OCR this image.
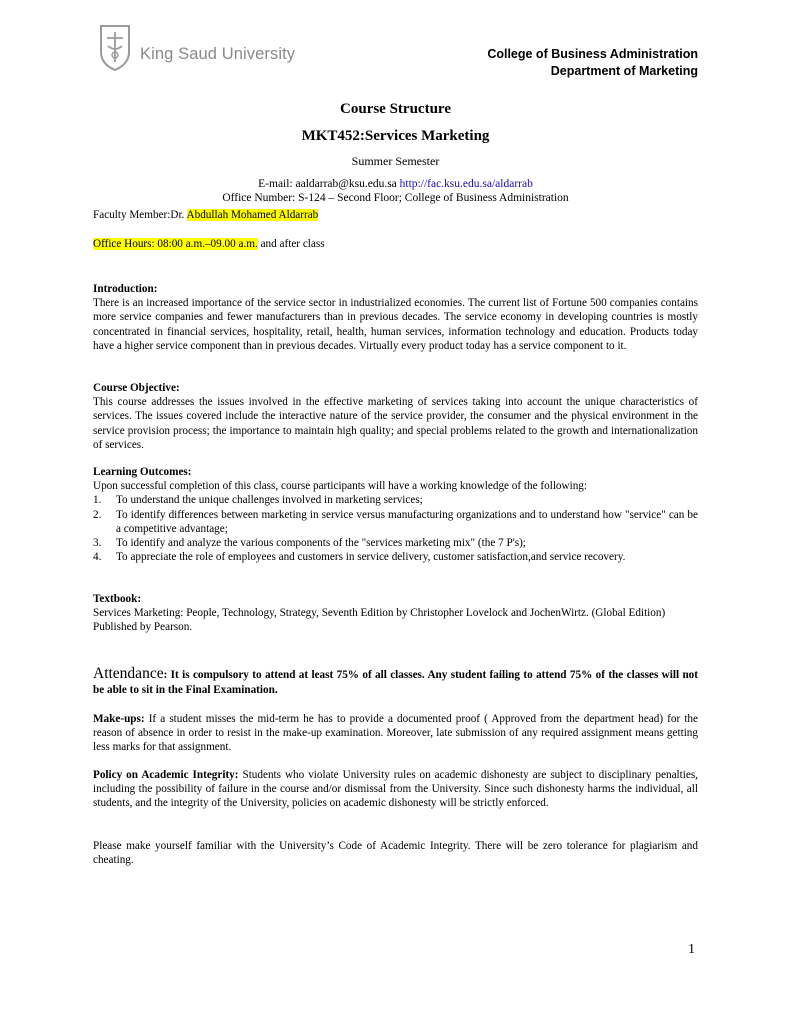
King Saud University	College of Business Administration
Department of Marketing
Course Structure
MKT452:Services Marketing
Summer Semester
E-mail: aaldarrab@ksu.edu.sa http://fac.ksu.edu.sa/aldarrab
Office Number: S-124 – Second Floor; College of Business Administration
Faculty Member:Dr. Abdullah Mohamed Aldarrab
Office Hours: 08:00 a.m.–09.00 a.m. and after class

Introduction:

There is an increased importance of the service sector in industrialized economies. The current list of Fortune 500 companies contains more service companies and fewer manufacturers than in previous decades. The service economy in developing countries is mostly concentrated in financial services, hospitality, retail, health, human services, information technology and education. Products today have a higher service component than in previous decades. Virtually every product today has a service component to it.

Course Objective:

This course addresses the issues involved in the effective marketing of services taking into account the unique characteristics of services. The issues covered include the interactive nature of the service provider, the consumer and the physical environment in the service provision process; the importance to maintain high quality; and special problems related to the growth and internationalization of services.

Learning Outcomes:

Upon successful completion of this class, course participants will have a working knowledge of the following:

1. To understand the unique challenges involved in marketing services;
2. To identify differences between marketing in service versus manufacturing organizations and to understand how "service" can be a competitive advantage;
3. To identify and analyze the various components of the "services marketing mix" (the 7 P's);
4. To appreciate the role of employees and customers in service delivery, customer satisfaction,and service recovery.

Textbook:

Services Marketing: People, Technology, Strategy, Seventh Edition by Christopher Lovelock and JochenWirtz. (Global Edition) Published by Pearson.

Attendance: It is compulsory to attend at least 75% of all classes. Any student failing to attend 75% of the classes will not be able to sit in the Final Examination.
Make-ups: If a student misses the mid-term he has to provide a documented proof ( Approved from the department head) for the reason of absence in order to resist in the make-up examination. Moreover, late submission of any required assignment means getting less marks for that assignment.
Policy on Academic Integrity: Students who violate University rules on academic dishonesty are subject to disciplinary penalties, including the possibility of failure in the course and/or dismissal from the University. Since such dishonesty harms the individual, all students, and the integrity of the University, policies on academic dishonesty will be strictly enforced.
Please make yourself familiar with the University’s Code of Academic Integrity. There will be zero tolerance for plagiarism and cheating.
1
